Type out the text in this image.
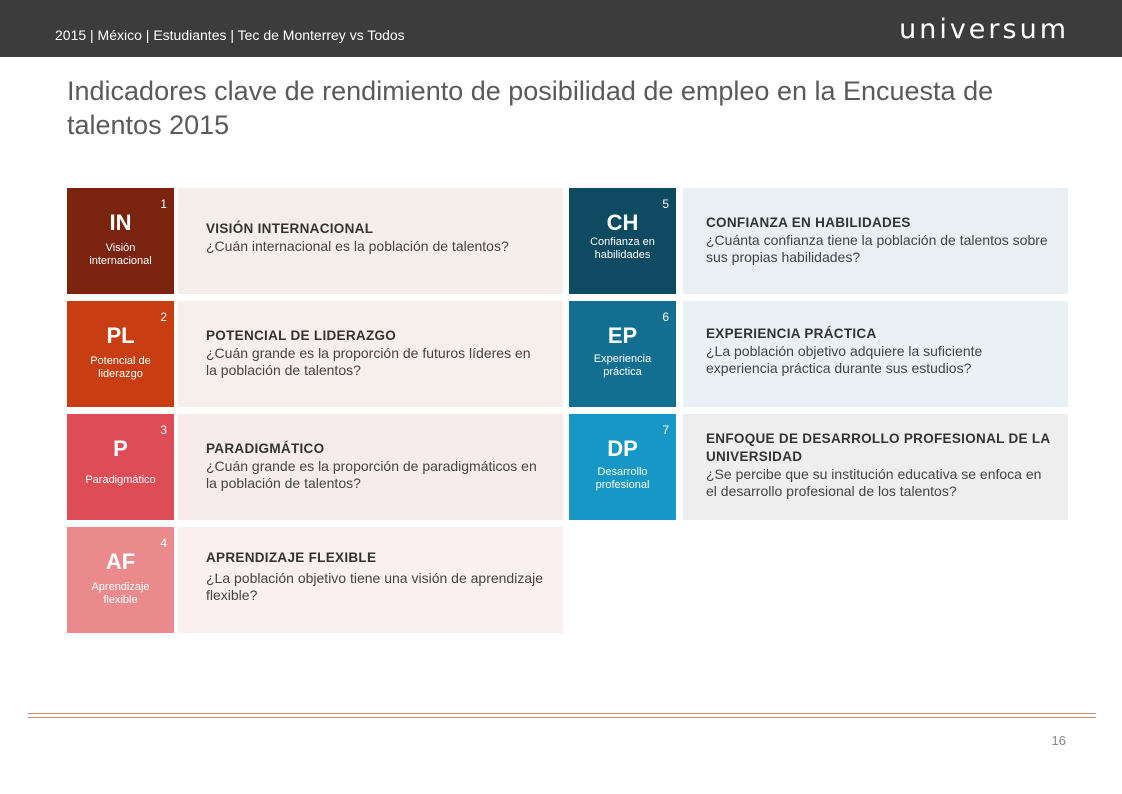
2015 | México | Estudiantes | Tec de Monterrey vs Todos	universum
Indicadores clave de rendimiento de posibilidad de empleo en la Encuesta de talentos 2015
1
IN
Visión internacional
VISIÓN INTERNACIONAL
¿Cuán internacional es la población de talentos?
2
PL
Potencial de liderazgo
POTENCIAL DE LIDERAZGO
¿Cuán grande es la proporción de futuros líderes en la población de talentos?
3
P
Paradigmático
PARADIGMÁTICO
¿Cuán grande es la proporción de paradigmáticos en la población de talentos?
4
AF
Aprendizaje flexible
APRENDIZAJE FLEXIBLE
¿La población objetivo tiene una visión de aprendizaje flexible?
5
CH
Confianza en habilidades
CONFIANZA EN HABILIDADES
¿Cuánta confianza tiene la población de talentos sobre sus propias habilidades?
6
EP
Experiencia práctica
EXPERIENCIA PRÁCTICA
¿La población objetivo adquiere la suficiente experiencia práctica durante sus estudios?
7
DP
Desarrollo profesional
ENFOQUE DE DESARROLLO PROFESIONAL DE LA UNIVERSIDAD
¿Se percibe que su institución educativa se enfoca en el desarrollo profesional de los talentos?
16
